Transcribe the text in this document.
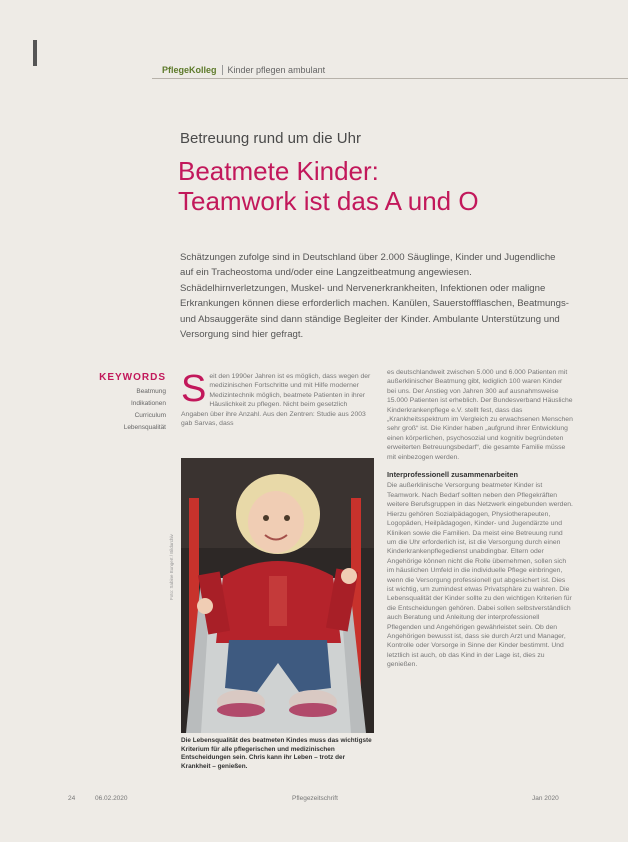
PflegeKolleg Kinder pflegen ambulant
Betreuung rund um die Uhr
Beatmete Kinder:
Teamwork ist das A und O
Schätzungen zufolge sind in Deutschland über 2.000 Säuglinge, Kinder und Jugendliche auf ein Tracheostoma und/oder eine Langzeitbeatmung angewiesen. Schädelhirnverletzungen, Muskel- und Nervenerkrankheiten, Infektionen oder maligne Erkrankungen können diese erforderlich machen. Kanülen, Sauerstoffflaschen, Beatmungs- und Absauggeräte sind dann ständige Begleiter der Kinder. Ambulante Unterstützung und Versorgung sind hier gefragt.
KEYWORDS
Beatmung
Indikationen
Curriculum
Lebensqualität
S eit den 1990er Jahren ist es möglich, dass wegen der medizinischen Fortschritte und mit Hilfe moderner Medizintechnik möglich, beatmete Patienten in ihrer Häuslichkeit zu pflegen. Nicht beim gesetzlich Angaben über ihre Anzahl. Aus den Zentren: Studie aus 2003 gab Sarvas, dass
Foto: Sabine Bungert / Bildarchiv
Die Lebensqualität des beatmeten Kindes muss das wichtigste Kriterium für alle pflegerischen und medizinischen Entscheidungen sein. Chris kann ihr Leben – trotz der Krankheit – genießen.

es deutschlandweit zwischen 5.000 und 6.000 Patienten mit außerklinischer Beatmung gibt, lediglich 100 waren Kinder bei uns. Der Anstieg von Jahren 300 auf ausnahmsweise 15.000 Patienten ist erheblich. Der Bundesverband Häusliche Kinderkrankenpflege e.V. stellt fest, dass das „Krankheitsspektrum im Vergleich zu erwachsenen Menschen sehr groß“ ist. Die Kinder haben „aufgrund ihrer Entwicklung einen körperlichen, psychosozial und kognitiv begründeten erweiterten Betreuungsbedarf“, die gesamte Familie müsse mit einbezogen werden.

Interprofessionell zusammenarbeiten

Die außerklinische Versorgung beatmeter Kinder ist Teamwork. Nach Bedarf sollten neben den Pflegekräften weitere Berufsgruppen in das Netzwerk eingebunden werden. Hierzu gehören Sozialpädagogen, Physiotherapeuten, Logopäden, Heilpädagogen, Kinder- und Jugendärzte und Kliniken sowie die Familien. Da meist eine Betreuung rund um die Uhr erforderlich ist, ist die Versorgung durch einen Kinderkrankenpflegedienst unabdingbar. Eltern oder Angehörige können nicht die Rolle übernehmen, sollen sich im häuslichen Umfeld in die individuelle Pflege einbringen, wenn die Versorgung professionell gut abgesichert ist. Dies ist wichtig, um zumindest etwas Privatsphäre zu wahren. Die Lebensqualität der Kinder sollte zu den wichtigen Kriterien für die Entscheidungen gehören. Dabei sollen selbstverständlich auch Beratung und Anleitung der interprofessionell Pflegenden und Angehörigen gewährleistet sein. Ob den Angehörigen bewusst ist, dass sie durch Arzt und Manager, Kontrolle oder Vorsorge in Sinne der Kinder bestimmt. Und letztlich ist auch, ob das Kind in der Lage ist, dies zu genießen.

24	06.02.2020	Pflegezeitschrift	Jan 2020
